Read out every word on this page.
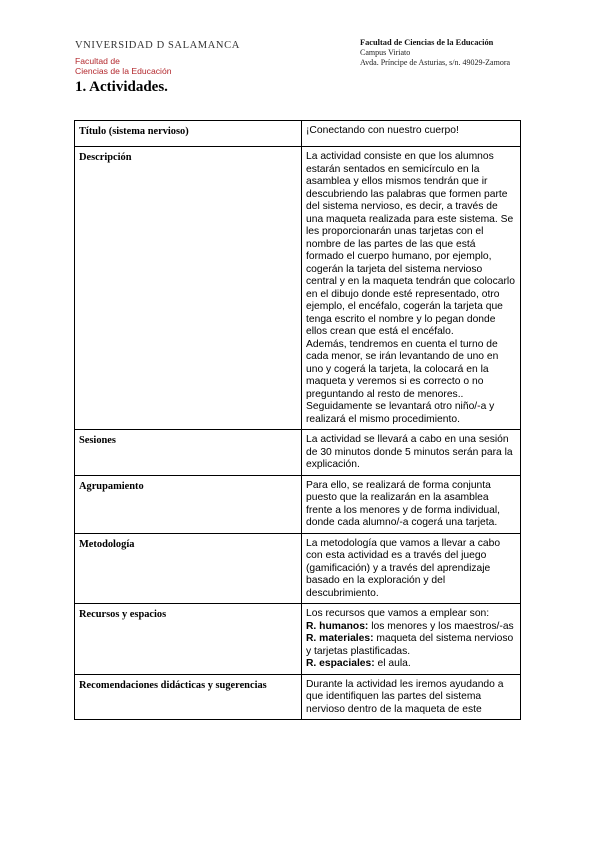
VNIVERSIDAD D SALAMANCA
Facultad de
Ciencias de la Educación
Facultad de Ciencias de la Educación
Campus Viriato
Avda. Príncipe de Asturias, s/n. 49029-Zamora
1. Actividades.
Título (sistema nervioso)	¡Conectando con nuestro cuerpo!
Descripción	La actividad consiste en que los alumnos estarán sentados en semicírculo en la asamblea y ellos mismos tendrán que ir descubriendo las palabras que formen parte del sistema nervioso, es decir, a través de una maqueta realizada para este sistema. Se les proporcionarán unas tarjetas con el nombre de las partes de las que está formado el cuerpo humano, por ejemplo, cogerán la tarjeta del sistema nervioso central y en la maqueta tendrán que colocarlo en el dibujo donde esté representado, otro ejemplo, el encéfalo, cogerán la tarjeta que tenga escrito el nombre y lo pegan donde ellos crean que está el encéfalo.
Además, tendremos en cuenta el turno de cada menor, se irán levantando de uno en uno y cogerá la tarjeta, la colocará en la maqueta y veremos si es correcto o no preguntando al resto de menores..
Seguidamente se levantará otro niño/-a y realizará el mismo procedimiento.

Sesiones	La actividad se llevará a cabo en una sesión de 30 minutos donde 5 minutos serán para la explicación.
Agrupamiento	Para ello, se realizará de forma conjunta puesto que la realizarán en la asamblea frente a los menores y de forma individual, donde cada alumno/-a cogerá una tarjeta.
Metodología	La metodología que vamos a llevar a cabo con esta actividad es a través del juego (gamificación) y a través del aprendizaje basado en la exploración y del descubrimiento.
Recursos y espacios	Los recursos que vamos a emplear son:
R. humanos: los menores y los maestros/-as
R. materiales: maqueta del sistema nervioso y tarjetas plastificadas.
R. espaciales: el aula.

Recomendaciones didácticas y sugerencias	Durante la actividad les iremos ayudando a que identifiquen las partes del sistema nervioso dentro de la maqueta de este
